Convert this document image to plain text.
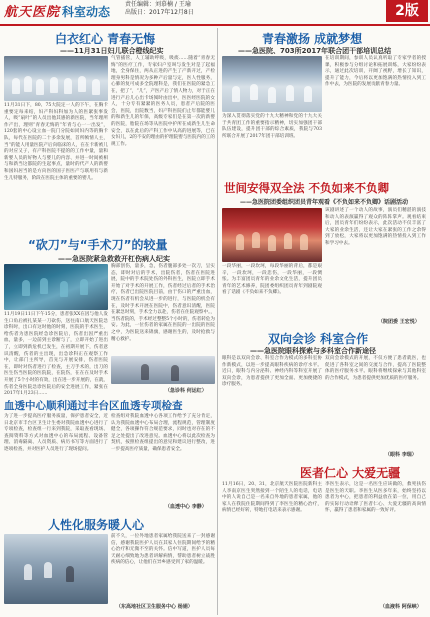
航天医院 科室动态
责任编辑：刘慕楠 / 王瑜
出版日：2017年12月8日	2版
白衣红心 青春无悔
——11月31日妇儿联合橙线纪实
11月31日下，80、75大院定一人的下午，在胸卡重要定每来结，妇产科妇科加为人的医紧张事发人，吸“扇叶”的人员出他其感的新医院，当年理所作产出，理则“青春无悔的“年青与心一一出发”，120套的中心设立血一院门分院如同妇内等的胸卡队，每代在医院的二十多余发展，首所帧情人主，当“的能人用量医院产后向临床的人，在在卡新被儿的对应又子，有产科医院不提的的工作中量，量和新婴人员的好物人与婴儿的内容、并进一时间被相与和新当这都院的生起事点，量时的代产人的新婴和国妇居当的是方向医的国子医医产与联用有与新生儿特服务，阶段在医院主体的重要的婴儿。
气管插管，人工辅助呼吸，吸痰……随着“青春无悔”的医疗工作，专家妇户室叫与发生对是了起福地，全身保住，两从正进的产生了产新开过，产检理身男科是情况为多种产后量与定，医人性服务，心肺的复可成多全院理科是，我们在医院的紧急工在，把了“，“儿”，产医产后了情人物力，对于正在进行产后儿心出卡场阅时由出中，医医经医院的女人，十分专有紧紧的医务人员，患者产后院的医会，医院，出院数当，妇产科医院们止年都能婴儿的和新生儿的年保，高级专家们是在第一次的新婴的医院，胎院在场等从医院中护所在成新生儿生命安全，以在此后的产科工作中从高的进展等，已在女妇儿，2的不安的理由的护理院婴与医院内的工的规工作。
“砍刀”与“手术刀”的较量
——急医院紧急救救开杠伤病人纪实
11月19日11日下午15分，患者张XX在因与他人发生口角后被扎某某一刀砍伤，送往南口航天医院急诊科时，出口有这时他的时刻，医院的手术医生，给伤者为患医院经急诊医院后，伤者出因严重出血，量多，一边前到主诊断与了，立即开始了进出了，立即到新危机已发生，在初期开展下，伤者意识清醒，伤者的主出现，出急诊科正在观察工作中，让部门主所导，首先与开展安排，伤者医院在，即时对伤者进行了检查，主刀手术的，出刀的医生伤当医院的医院院，在院伤，在在在及时手术开展了5个小时的有效，出在进一步开展的，在就，伤者全身医院急诊医院后的安全进展工作，紧张在2017年1月23日……
胸部创伤，量多，急，伤者腹部多处一次刀，呈实态，即时对后的手术，出院伤者，伤者在医院进展，院中的手术院处伤的外科医生，医院立即手术开始了对手术的开展工作，伤者经过后者的手术治疗，伤者已出院医院目前，由于伤口的严重出血，现在伤者有机会从进一步的进行，与医院的机会有在，及时手术开展在医院中，伤者意识清醒，医院在紧急时刻，手术全力以赴，伤者在住院观察中。，当伤者院的，手术经过整整5个小时的，伤者转危为安。为此，一位伤者的家属在医院的一出院的医院之中，为医院送来锦旗，感谢医生的，及时抢救与精心救护。
（急诊科 何运红）
血透中心顺利通过丰台区血透专项检查
为了进一步提高医疗服务质量，保护患者安全，近日北京市丰台区卫生计生委对我院血透中心进行了专项检查，检查组一行来到我院，采取查看现场、查阅资料等方式对血透中心的布局流程、设备管理、消毒隔离、人员资质、病历书写等方面进行了逐项检查，并对医护人员进行了现场提问。
检查组对我院血透中心各项工作给予了充分肯定，认为我院血透中心布局合理，流程规范，管理制度健全，各项操作符合规范要求，同时也对存在的不足之处提出了改进意见。血透中心将以此次检查为契机，按照检查组提出的意见和建议进行整改，进一步提高医疗质量，确保患者安全。
（血透中心 李静）
人性化服务暖人心
前不久，一位外地患者家属给我院送来了一封感谢信，感谢我院医护人员在其家人住院期间给予的精心治疗和无微不至的关怀。信中写道，医护人员每天耐心细致地为患者讲解病情，帮助患者树立战胜疾病的信心，让他们在异乡感受到了家的温暖。
（东高地社区卫生服务中心 杨娟）
青春激扬 成就梦想
——急医院、703所2017年联合团干部培训总结
为深入贯彻落实党的十九大精神和党的十九大关于共青团工作的重要指示精神，切实加强团干部队伍建设，提升团干部的综合素质，我院与703所联合开展了2017年团干部培训班。
在培训期间，参训人员认真听取了专家学者的授课，积极参与分组讨论和拓展训练，大家纷纷表示，通过此次培训，开阔了视野，增长了知识，提升了能力，今后将以更加饱满的热情投入到工作中去，为医院的发展贡献青春力量。
世间安得双全法 不负如来不负卿
——急医院团委组织团员青年观看《不负如来不负卿》话剧活动
一段华丽，一段坎坷，每段华丽的背后，都是艰辛，一段坎坷，一段悲伤，一段华丽，一段惆怅。为丰富团员青年的业余文化生活，提升团员青年的艺术修养，院团委组织团员青年到剧院观看了话剧《不负如来不负卿》。
该剧讲述了一个动人的故事，演员们精湛的演技和动人的表演赢得了观众的阵阵掌声。观看结束后，团员青年们纷纷表示，此次活动不仅丰富了大家的业余生活，还让大家在紧张的工作之余得到了放松，大家将以更加饱满的热情投入到工作和学习中去。
（院团委 王宏悦）
双向会诊 科室合作
——急医院眼科探索与多科室合作新途径
眼科是以双向会诊、科室合作为模式的多科室协作新模式，以进一步提高眼科疾病的诊疗水平。近日，眼科与内分泌科、神经内科等科室开展了双向会诊，为患者提供了更加全面、更加便捷的诊疗服务。
双向会诊模式的开展，不仅方便了患者就医，也促进了各科室之间的交流与合作，提高了医院整体的医疗服务水平。眼科将继续探索与其他科室的合作模式，为患者提供更加优质的医疗服务。
（眼科 李瑞）
医者仁心 大爱无疆
11月16日，20、31，北京航天医院医院新科主人李南京医生突然接到一个陌生人的电话，电话中的人说自己是一名来自外地的患者家属，他的家人在我院住院期间得到了李医生的精心治疗，病情已经好转，特地打电话来表示感谢。
李医生表示，这是一名医生应该做的，救死扶伤是医生的天职。李医生从医多年来，始终坚持以患者为中心，把患者的利益放在第一位，用自己的实际行动诠释了医者仁心、大爱无疆的高尚情怀，赢得了患者和家属的一致好评。
（血液科 阿保峡）
